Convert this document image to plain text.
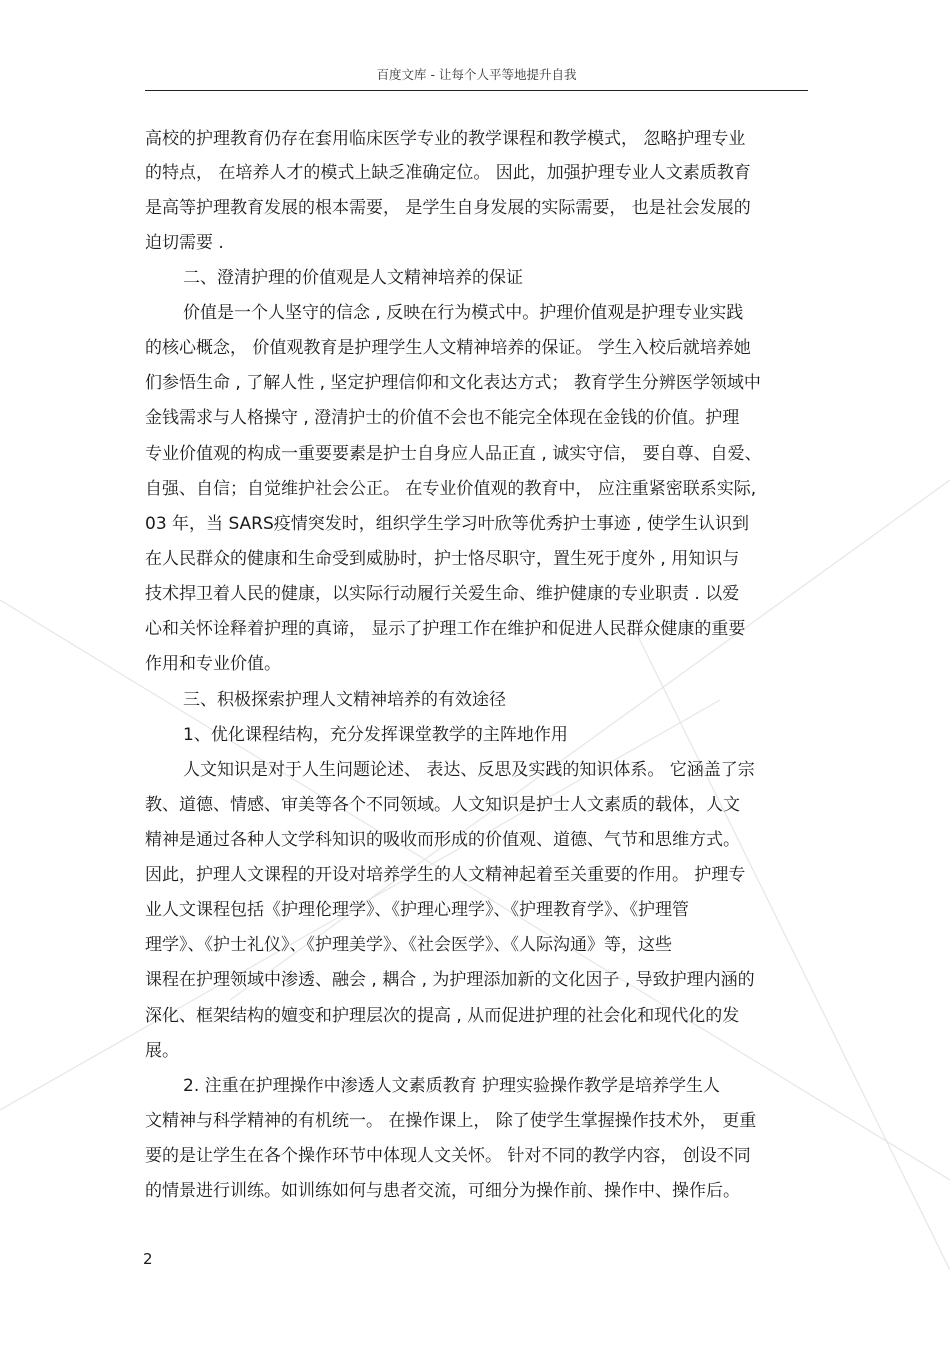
百度文库 - 让每个人平等地提升自我
高校的护理教育仍存在套用临床医学专业的教学课程和教学模式， 忽略护理专业
的特点， 在培养人才的模式上缺乏准确定位。 因此，加强护理专业人文素质教育
是高等护理教育发展的根本需要， 是学生自身发展的实际需要， 也是社会发展的
迫切需要 .
二、澄清护理的价值观是人文精神培养的保证
价值是一个人坚守的信念 , 反映在行为模式中。护理价值观是护理专业实践
的核心概念， 价值观教育是护理学生人文精神培养的保证。 学生入校后就培养她
们参悟生命 , 了解人性 , 坚定护理信仰和文化表达方式； 教育学生分辨医学领域中
金钱需求与人格操守 , 澄清护士的价值不会也不能完全体现在金钱的价值。护理
专业价值观的构成一重要要素是护士自身应人品正直 , 诚实守信， 要自尊、自爱、
自强、自信；自觉维护社会公正。 在专业价值观的教育中， 应注重紧密联系实际,
03 年，当 SARS疫情突发时，组织学生学习叶欣等优秀护士事迹 , 使学生认识到
在人民群众的健康和生命受到威胁时，护士恪尽职守，置生死于度外 , 用知识与
技术捍卫着人民的健康，以实际行动履行关爱生命、维护健康的专业职责 . 以爱
心和关怀诠释着护理的真谛， 显示了护理工作在维护和促进人民群众健康的重要
作用和专业价值。
三、积极探索护理人文精神培养的有效途径
1、优化课程结构，充分发挥课堂教学的主阵地作用
人文知识是对于人生问题论述、 表达、反思及实践的知识体系。 它涵盖了宗
教、道德、情感、审美等各个不同领域。人文知识是护士人文素质的载体，人文
精神是通过各种人文学科知识的吸收而形成的价值观、道德、气节和思维方式。
因此，护理人文课程的开设对培养学生的人文精神起着至关重要的作用。 护理专
业人文课程包括《护理伦理学》、《护理心理学》、《护理教育学》、《护理管
理学》、《护士礼仪》、《护理美学》、《社会医学》、《人际沟通》等，这些
课程在护理领域中渗透、融会 , 耦合 , 为护理添加新的文化因子 , 导致护理内涵的
深化、框架结构的嬗变和护理层次的提高 , 从而促进护理的社会化和现代化的发
展。
2. 注重在护理操作中渗透人文素质教育 护理实验操作教学是培养学生人
文精神与科学精神的有机统一。 在操作课上， 除了使学生掌握操作技术外， 更重
要的是让学生在各个操作环节中体现人文关怀。 针对不同的教学内容， 创设不同
的情景进行训练。如训练如何与患者交流，可细分为操作前、操作中、操作后。
2
